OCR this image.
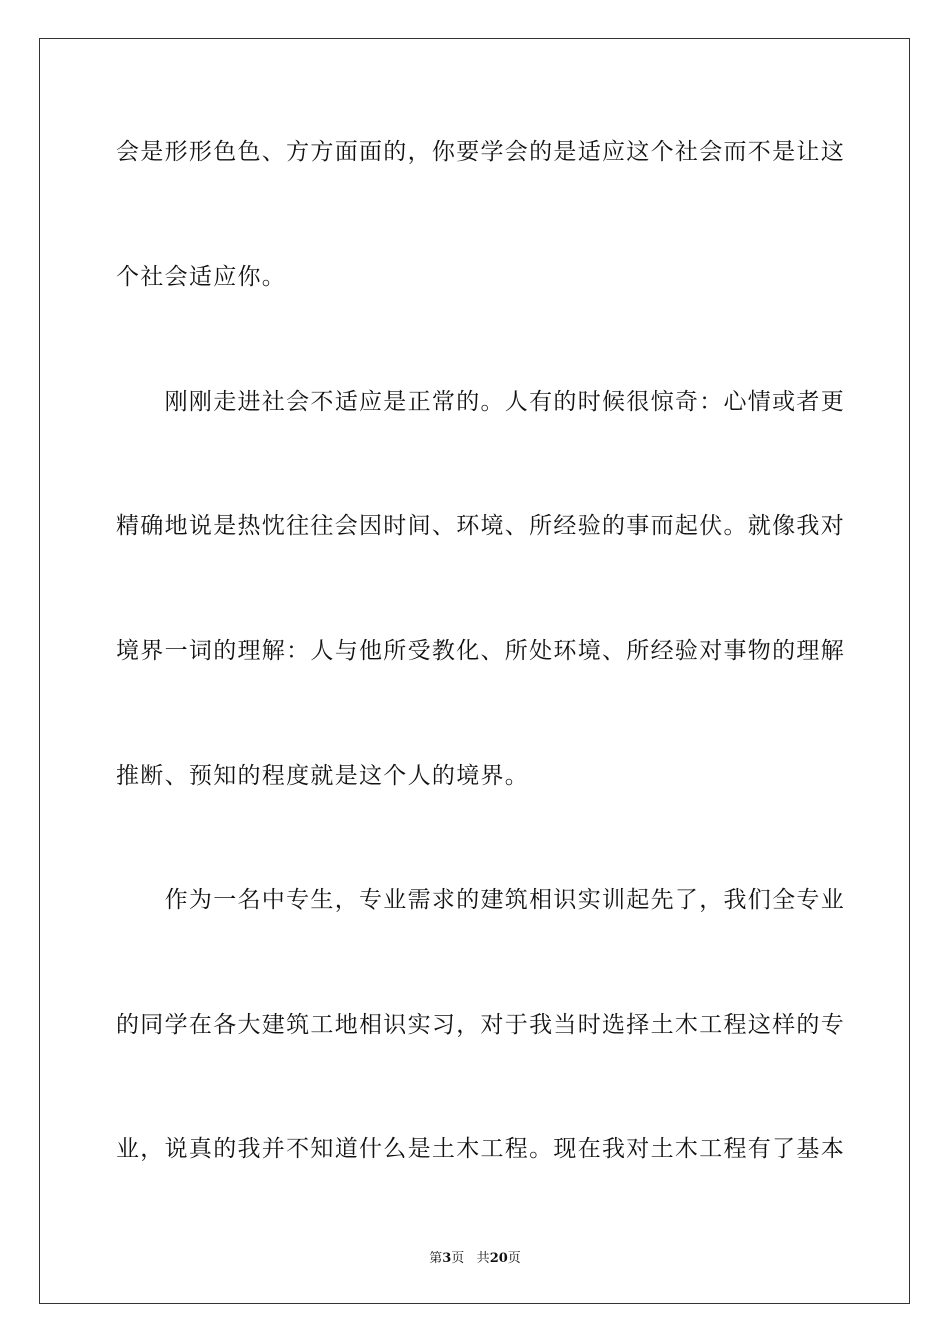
会是形形色色、方方面面的，你要学会的是适应这个社会而不是让这
个社会适应你。
　　刚刚走进社会不适应是正常的。人有的时候很惊奇：心情或者更
精确地说是热忱往往会因时间、环境、所经验的事而起伏。就像我对
境界一词的理解：人与他所受教化、所处环境、所经验对事物的理解
推断、预知的程度就是这个人的境界。
　　作为一名中专生，专业需求的建筑相识实训起先了，我们全专业
的同学在各大建筑工地相识实习，对于我当时选择土木工程这样的专
业，说真的我并不知道什么是土木工程。现在我对土木工程有了基本
第3页 共20页
